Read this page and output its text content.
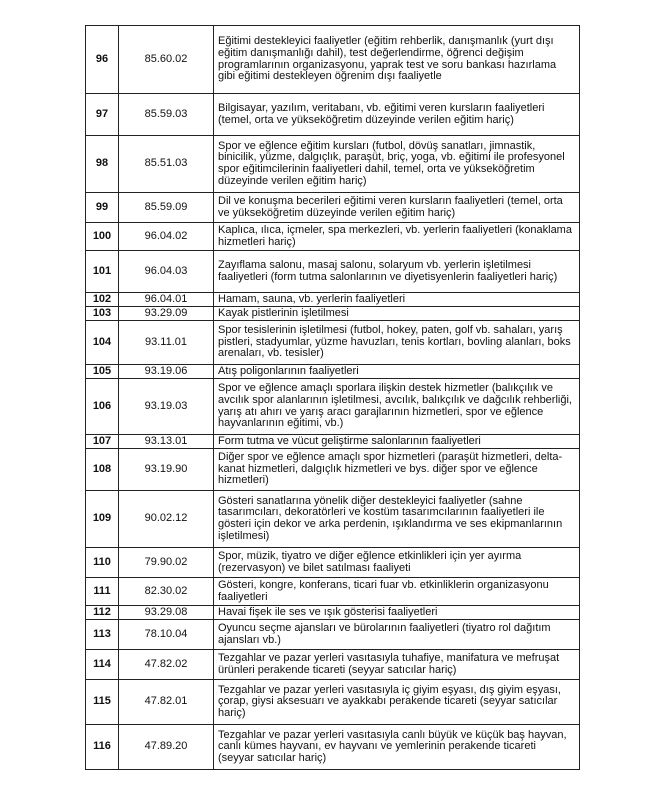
96	85.60.02	Eğitimi destekleyici faaliyetler (eğitim rehberlik, danışmanlık (yurt dışı eğitim danışmanlığı dahil), test değerlendirme, öğrenci değişim programlarının organizasyonu, yaprak test ve soru bankası hazırlama gibi eğitimi destekleyen öğrenim dışı faaliyetle
97	85.59.03	Bilgisayar, yazılım, veritabanı, vb. eğitimi veren kursların faaliyetleri (temel, orta ve yükseköğretim düzeyinde verilen eğitim hariç)
98	85.51.03	Spor ve eğlence eğitim kursları (futbol, dövüş sanatları, jimnastik, binicilik, yüzme, dalgıçlık, paraşüt, briç, yoga, vb. eğitimi ile profesyonel spor eğitimcilerinin faaliyetleri dahil, temel, orta ve yükseköğretim düzeyinde verilen eğitim hariç)
99	85.59.09	Dil ve konuşma becerileri eğitimi veren kursların faaliyetleri (temel, orta ve yükseköğretim düzeyinde verilen eğitim hariç)
100	96.04.02	Kaplıca, ılıca, içmeler, spa merkezleri, vb. yerlerin faaliyetleri (konaklama hizmetleri hariç)
101	96.04.03	Zayıflama salonu, masaj salonu, solaryum vb. yerlerin işletilmesi faaliyetleri (form tutma salonlarının ve diyetisyenlerin faaliyetleri hariç)
102	96.04.01	Hamam, sauna, vb. yerlerin faaliyetleri
103	93.29.09	Kayak pistlerinin işletilmesi
104	93.11.01	Spor tesislerinin işletilmesi (futbol, hokey, paten, golf vb. sahaları, yarış pistleri, stadyumlar, yüzme havuzları, tenis kortları, bovling alanları, boks arenaları, vb. tesisler)
105	93.19.06	Atış poligonlarının faaliyetleri
106	93.19.03	Spor ve eğlence amaçlı sporlara ilişkin destek hizmetler (balıkçılık ve avcılık spor alanlarının işletilmesi, avcılık, balıkçılık ve dağcılık rehberliği, yarış atı ahırı ve yarış aracı garajlarının hizmetleri, spor ve eğlence hayvanlarının eğitimi, vb.)
107	93.13.01	Form tutma ve vücut geliştirme salonlarının faaliyetleri
108	93.19.90	Diğer spor ve eğlence amaçlı spor hizmetleri (paraşüt hizmetleri, delta-kanat hizmetleri, dalgıçlık hizmetleri ve bys. diğer spor ve eğlence hizmetleri)
109	90.02.12	Gösteri sanatlarına yönelik diğer destekleyici faaliyetler (sahne tasarımcıları, dekoratörleri ve kostüm tasarımcılarının faaliyetleri ile gösteri için dekor ve arka perdenin, ışıklandırma ve ses ekipmanlarının işletilmesi)
110	79.90.02	Spor, müzik, tiyatro ve diğer eğlence etkinlikleri için yer ayırma (rezervasyon) ve bilet satılması faaliyeti
111	82.30.02	Gösteri, kongre, konferans, ticari fuar vb. etkinliklerin organizasyonu faaliyetleri
112	93.29.08	Havai fişek ile ses ve ışık gösterisi faaliyetleri
113	78.10.04	Oyuncu seçme ajansları ve bürolarının faaliyetleri (tiyatro rol dağıtım ajansları vb.)
114	47.82.02	Tezgahlar ve pazar yerleri vasıtasıyla tuhafiye, manifatura ve mefruşat ürünleri perakende ticareti (seyyar satıcılar hariç)
115	47.82.01	Tezgahlar ve pazar yerleri vasıtasıyla iç giyim eşyası, dış giyim eşyası, çorap, giysi aksesuarı ve ayakkabı perakende ticareti (seyyar satıcılar hariç)
116	47.89.20	Tezgahlar ve pazar yerleri vasıtasıyla canlı büyük ve küçük baş hayvan, canlı kümes hayvanı, ev hayvanı ve yemlerinin perakende ticareti (seyyar satıcılar hariç)
